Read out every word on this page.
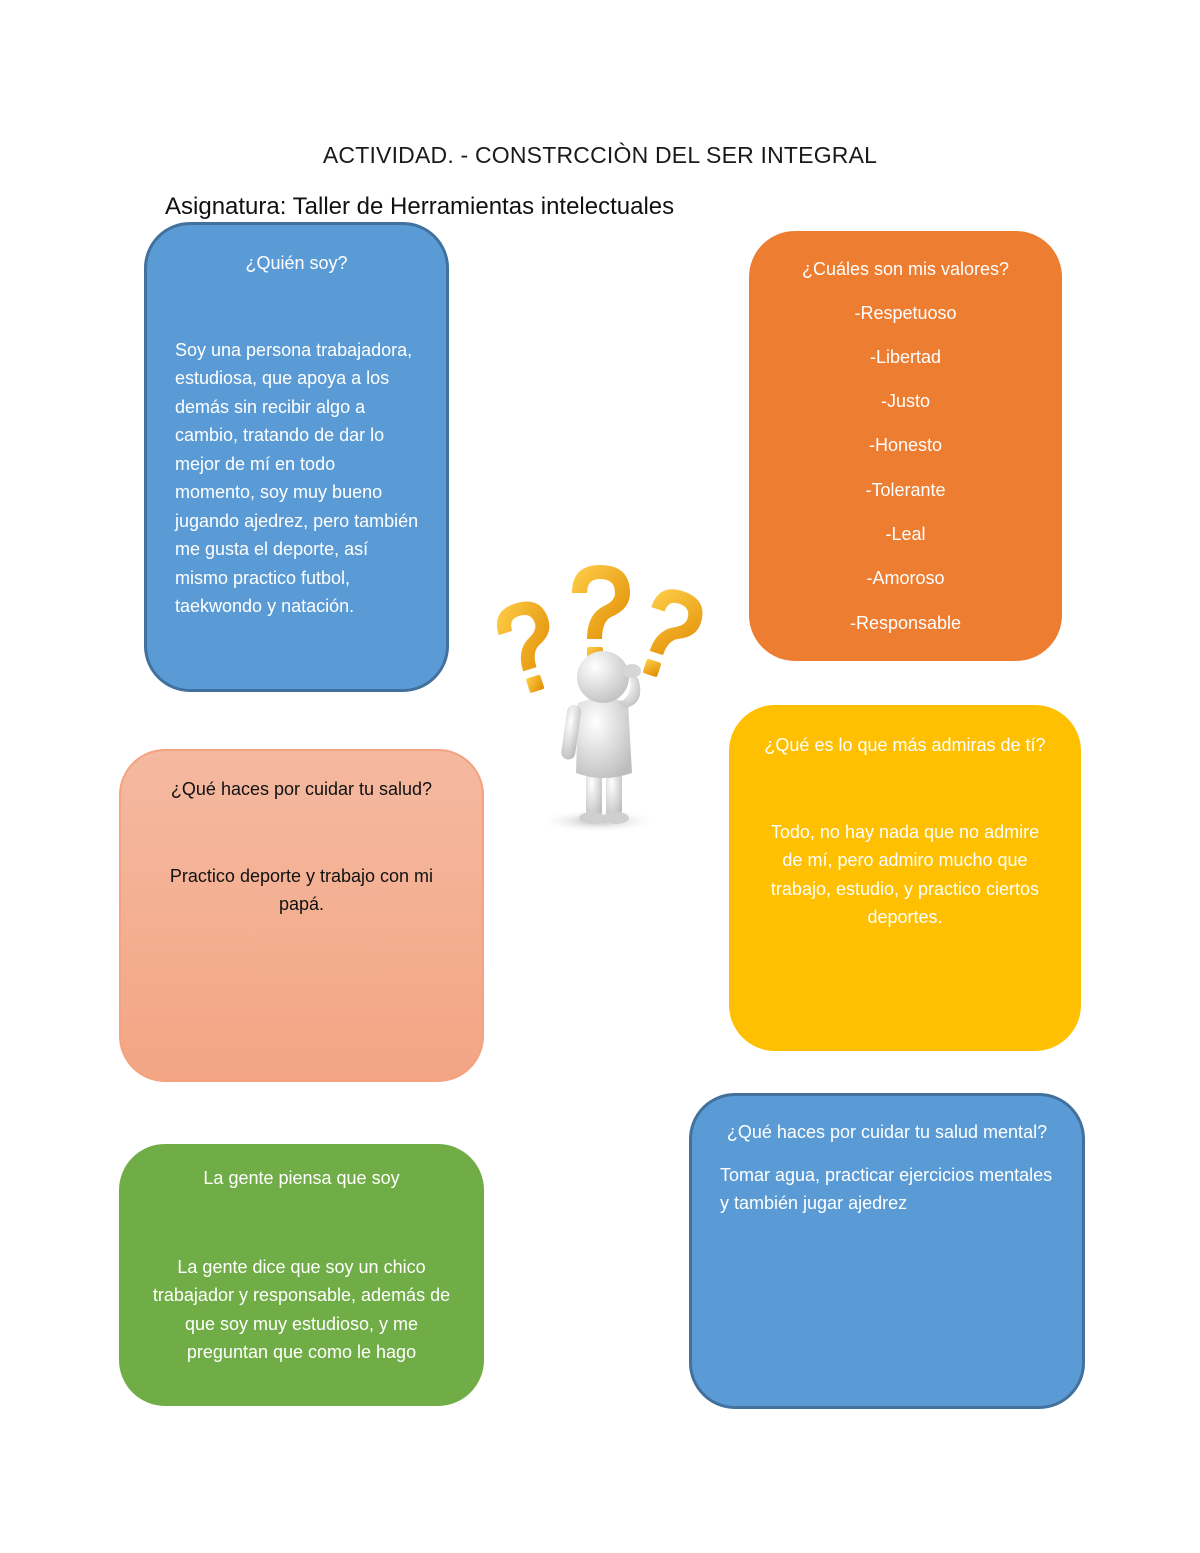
ACTIVIDAD. - CONSTRCCIÒN DEL SER INTEGRAL
Asignatura: Taller de Herramientas intelectuales
¿Quién soy?
Soy una persona trabajadora, estudiosa, que apoya a los demás sin recibir algo a cambio, tratando de dar lo mejor de mí en todo momento, soy muy bueno jugando ajedrez, pero también me gusta el deporte, así mismo practico futbol, taekwondo y natación.
¿Cuáles son mis valores?
-Respetuoso
-Libertad
-Justo
-Honesto
-Tolerante
-Leal
-Amoroso
-Responsable
¿Qué haces por cuidar tu salud?
Practico deporte y trabajo con mi papá.
¿Qué es lo que más admiras de tí?
Todo, no hay nada que no admire de mí, pero admiro mucho que trabajo, estudio, y practico ciertos deportes.
La gente piensa que soy
La gente dice que soy un chico trabajador y responsable, además de que soy muy estudioso, y me preguntan que como le hago
¿Qué haces por cuidar tu salud mental?
Tomar agua, practicar ejercicios mentales y también jugar ajedrez
